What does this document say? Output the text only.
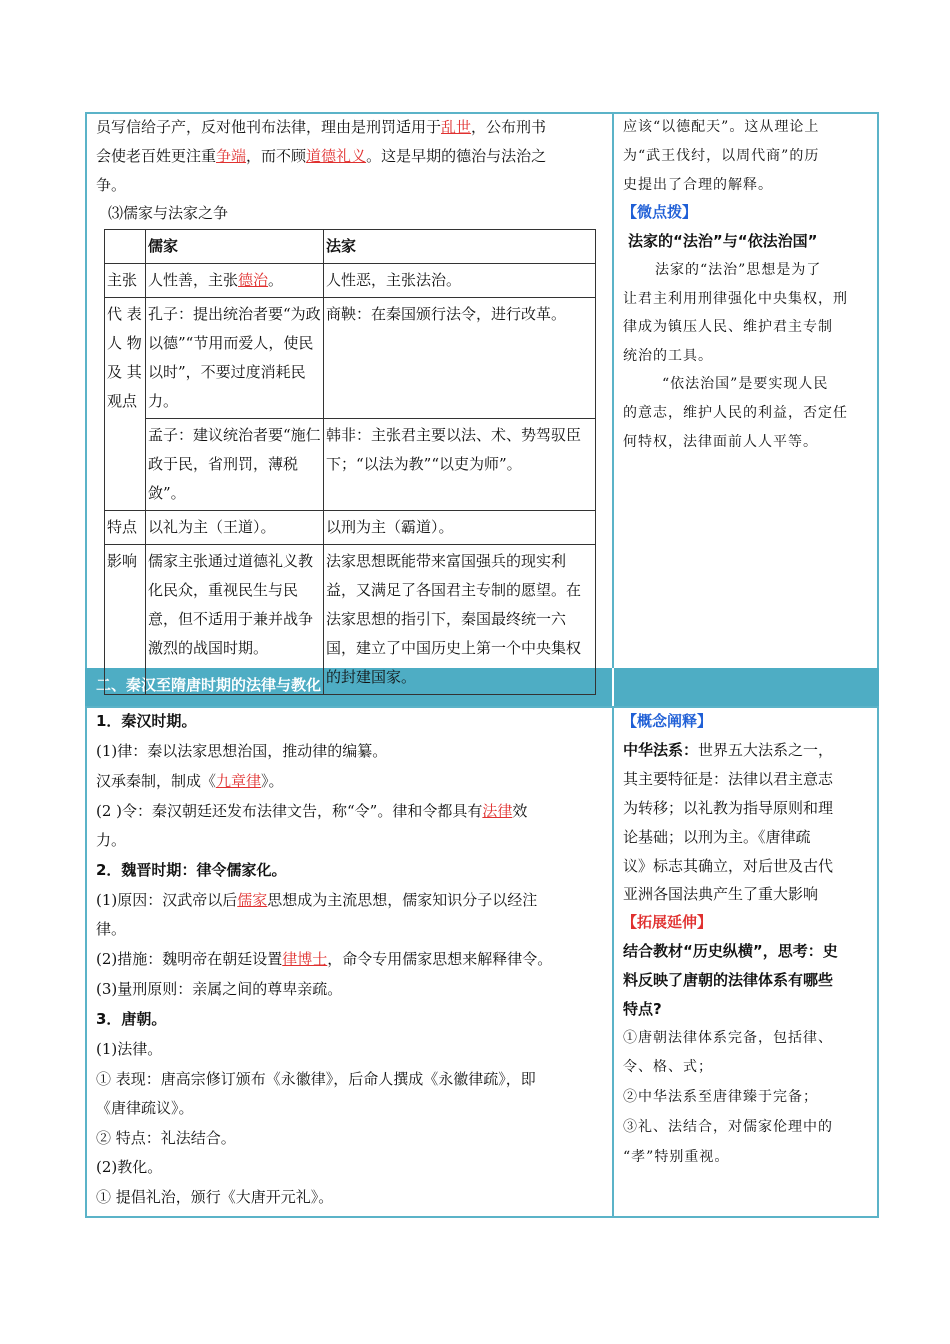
二、秦汉至隋唐时期的法律与教化
员写信给子产，反对他刊布法律，理由是刑罚适用于乱世，公布刑书
会使老百姓更注重争端，而不顾道德礼义。这是早期的德治与法治之
争。
⑶儒家与法家之争
	儒家	法家
主张	人性善，主张德治。	人性恶，主张法治。
代 表人 物及 其观点	孔子：提出统治者要“为政以德”“节用而爱人，使民以时”，不要过度消耗民力。	商鞅：在秦国颁行法令，进行改革。
	孟子：建议统治者要“施仁政于民，省刑罚，薄税敛”。	韩非：主张君主要以法、术、势驾驭臣下；“以法为教”“以吏为师”。
特点	以礼为主（王道）。	以刑为主（霸道）。
影响	儒家主张通过道德礼义教化民众，重视民生与民意，但不适用于兼并战争激烈的战国时期。	法家思想既能带来富国强兵的现实利益，又满足了各国君主专制的愿望。在法家思想的指引下，秦国最终统一六国，建立了中国历史上第一个中央集权的封建国家。
应该“以德配天”。这从理论上
为“武王伐纣，以周代商”的历
史提出了合理的解释。
【微点拨】
法家的“法治”与“依法治国”
法家的“法治”思想是为了
让君主利用刑律强化中央集权，刑
律成为镇压人民、维护君主专制
统治的工具。
“依法治国”是要实现人民
的意志，维护人民的利益，否定任
何特权，法律面前人人平等。
1．秦汉时期。
(1)律：秦以法家思想治国，推动律的编纂。
汉承秦制，制成《九章律》。
(2 )令：秦汉朝廷还发布法律文告，称“令”。律和令都具有法律效
力。
2．魏晋时期：律令儒家化。
(1)原因：汉武帝以后儒家思想成为主流思想，儒家知识分子以经注
律。
(2)措施：魏明帝在朝廷设置律博士，命令专用儒家思想来解释律令。
(3)量刑原则：亲属之间的尊卑亲疏。
3．唐朝。
(1)法律。
① 表现：唐高宗修订颁布《永徽律》，后命人撰成《永徽律疏》，即
《唐律疏议》。
② 特点：礼法结合。
(2)教化。
① 提倡礼治，颁行《大唐开元礼》。
【概念阐释】
中华法系：世界五大法系之一，
其主要特征是：法律以君主意志
为转移；以礼教为指导原则和理
论基础；以刑为主。《唐律疏
议》标志其确立，对后世及古代
亚洲各国法典产生了重大影响
【拓展延伸】
结合教材“历史纵横”，思考：史
料反映了唐朝的法律体系有哪些
特点?
①唐朝法律体系完备，包括律、
令、格、式；
②中华法系至唐律臻于完备；
③礼、法结合，对儒家伦理中的
“孝”特别重视。
